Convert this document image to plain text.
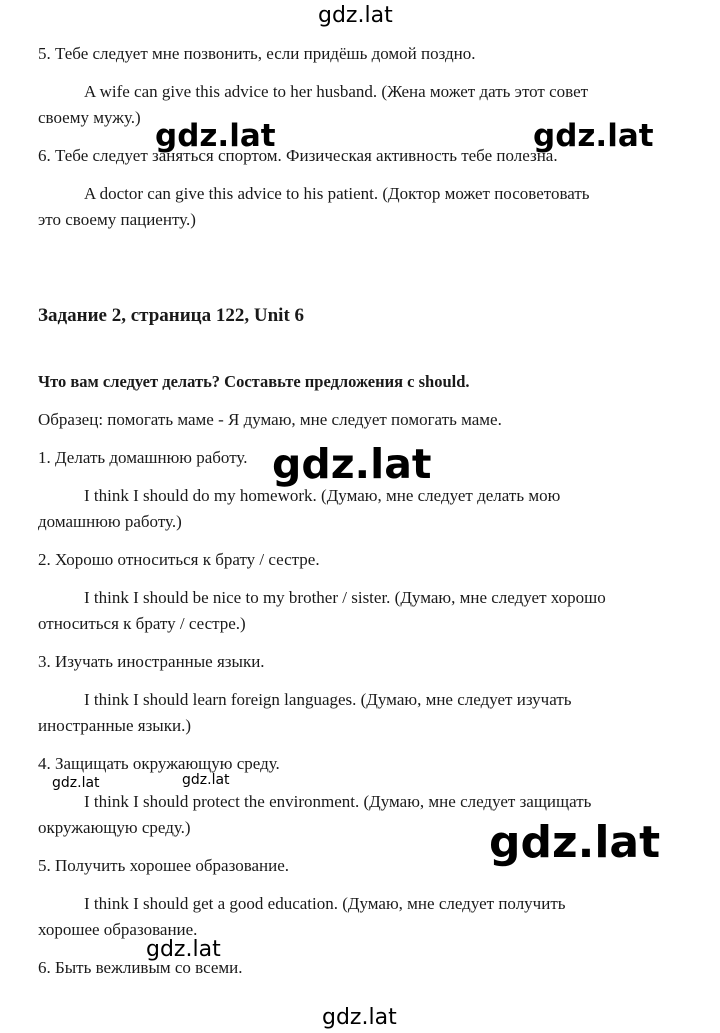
5. Тебе следует мне позвонить, если придёшь домой поздно.
A wife can give this advice to her husband. (Жена может дать этот совет
своему мужу.)
6. Тебе следует заняться спортом. Физическая активность тебе полезна.
A doctor can give this advice to his patient. (Доктор может посоветовать
это своему пациенту.)
Задание 2, страница 122, Unit 6
Что вам следует делать? Составьте предложения с should.
Образец: помогать маме - Я думаю, мне следует помогать маме.
1. Делать домашнюю работу.
I think I should do my homework. (Думаю, мне следует делать мою
домашнюю работу.)
2. Хорошо относиться к брату / сестре.
I think I should be nice to my brother / sister. (Думаю, мне следует хорошо
относиться к брату / сестре.)
3. Изучать иностранные языки.
I think I should learn foreign languages. (Думаю, мне следует изучать
иностранные языки.)
4. Защищать окружающую среду.
I think I should protect the environment. (Думаю, мне следует защищать
окружающую среду.)
5. Получить хорошее образование.
I think I should get a good education. (Думаю, мне следует получить
хорошее образование.
6. Быть вежливым со всеми.
gdz.lat
gdz.lat	gdz.lat
gdz.lat
gdz.lat	gdz.lat
gdz.lat
gdz.lat
gdz.lat
